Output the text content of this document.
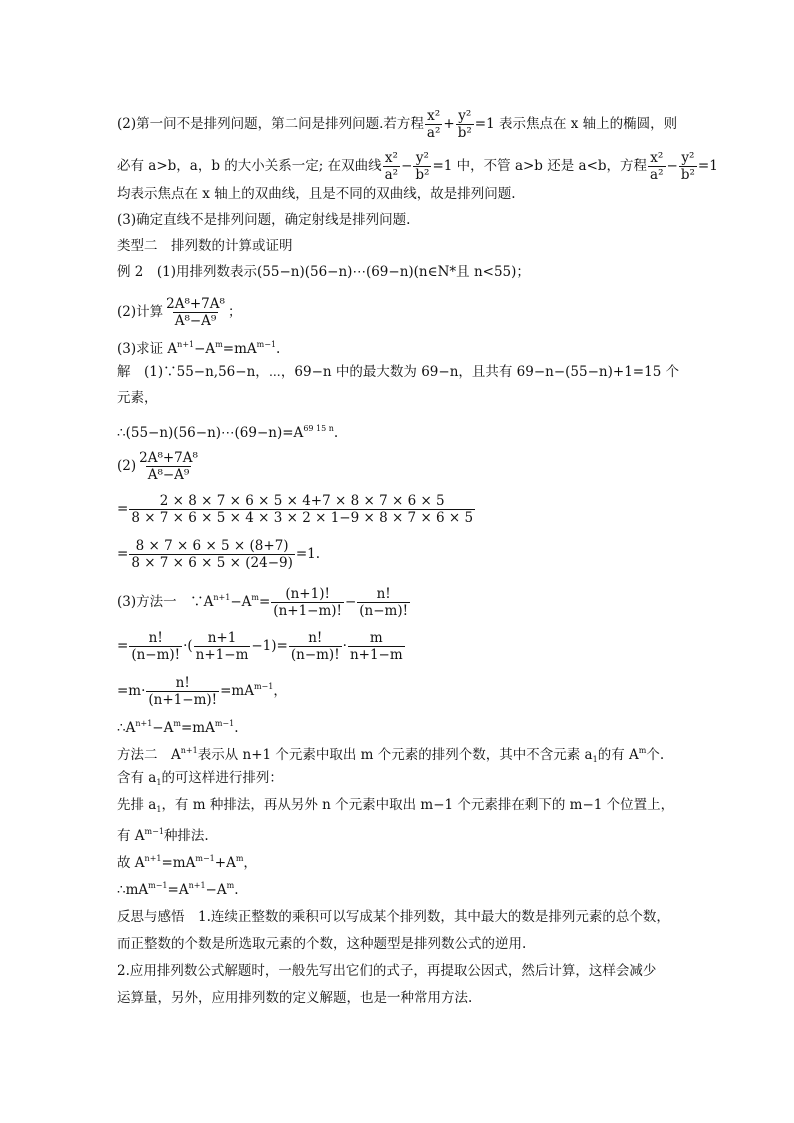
(2)第一问不是排列问题，第二问是排列问题.若方程 $\frac{\text{x²}}{\text{a²}} + \frac{\text{y²}}{\text{b²}} =1$ 表示焦点在 x 轴上的椭圆，则
必有 a>b，a，b 的大小关系一定; 在双曲线 $\frac{\text{x²}}{\text{a²}} - \frac{\text{y²}}{\text{b²}} =1$ 中，不管 a>b 还是 a<b，方程 $\frac{\text{x²}}{\text{a²}} - \frac{\text{y²}}{\text{b²}} =1$
均表示焦点在 x 轴上的双曲线，且是不同的双曲线，故是排列问题.
(3)确定直线不是排列问题，确定射线是排列问题.
类型二　排列数的计算或证明
例 2　(1)用排列数表示(55−n)(56−n)⋯(69−n)(n∈N*且 n<55)；
(2)计算 $\frac{\text{2A⁸+7A⁸}}{\text{A⁸−A⁹}}$ ；
(3)求证 $A^{n+1}-A^m=mA^{m-1}$.
解　(1)∵55−n,56−n，⋯，69−n 中的最大数为 69−n，且共有 69−n−(55−n)+1=15 个
元素，
$\therefore(55-n)(56-n)\cdots(69-n)=A^{69 15 n}$.
$(2) \frac{\text{2A⁸+7A⁸}}{\text{A⁸−A⁹}}$
= $\frac{2 \times 8 \times 7 \times 6 \times 5 \times 4+7 \times 8 \times 7 \times 6 \times 5}{8 \times 7 \times 6 \times 5 \times 4 \times 3 \times 2 \times 1-9 \times 8 \times 7 \times 6 \times 5}$
= $\frac{8 \times 7 \times 6 \times 5 \times (8+7)}{8 \times 7 \times 6 \times 5 \times (24-9)} =1$.
(3)方法一　$\because A^{n+1}-A^m= \frac{(n+1)!}{(n+1-m)!} - \frac{n!}{(n-m)!}$
= $\frac{n!}{(n-m)!}$ ·( $\frac{n+1}{n+1-m} -1)= \frac{n!}{(n-m)!} \cdot \frac{m}{n+1-m}$
$=m\cdot \frac{n!}{(n+1-m)!} =mA^{m-1}$，
$\therefore A^{n+1}-A^m=mA^{m-1}$.
方法二　$A^{n+1}$表示从 n+1 个元素中取出 m 个元素的排列个数，其中不含元素 $a_1$的有 $A^m$个.
含有 $a_1$的可这样进行排列：
先排 $a_1$，有 m 种排法，再从另外 n 个元素中取出 m−1 个元素排在剩下的 m−1 个位置上，
有 $A^{m-1}$种排法.
故 $A^{n+1}=mA^{m-1}+A^m$，
$\therefore mA^{m-1}=A^{n+1}-A^m$.
反思与感悟　1.连续正整数的乘积可以写成某个排列数，其中最大的数是排列元素的总个数，
而正整数的个数是所选取元素的个数，这种题型是排列数公式的逆用.
2.应用排列数公式解题时，一般先写出它们的式子，再提取公因式，然后计算，这样会减少
运算量，另外，应用排列数的定义解题，也是一种常用方法.
